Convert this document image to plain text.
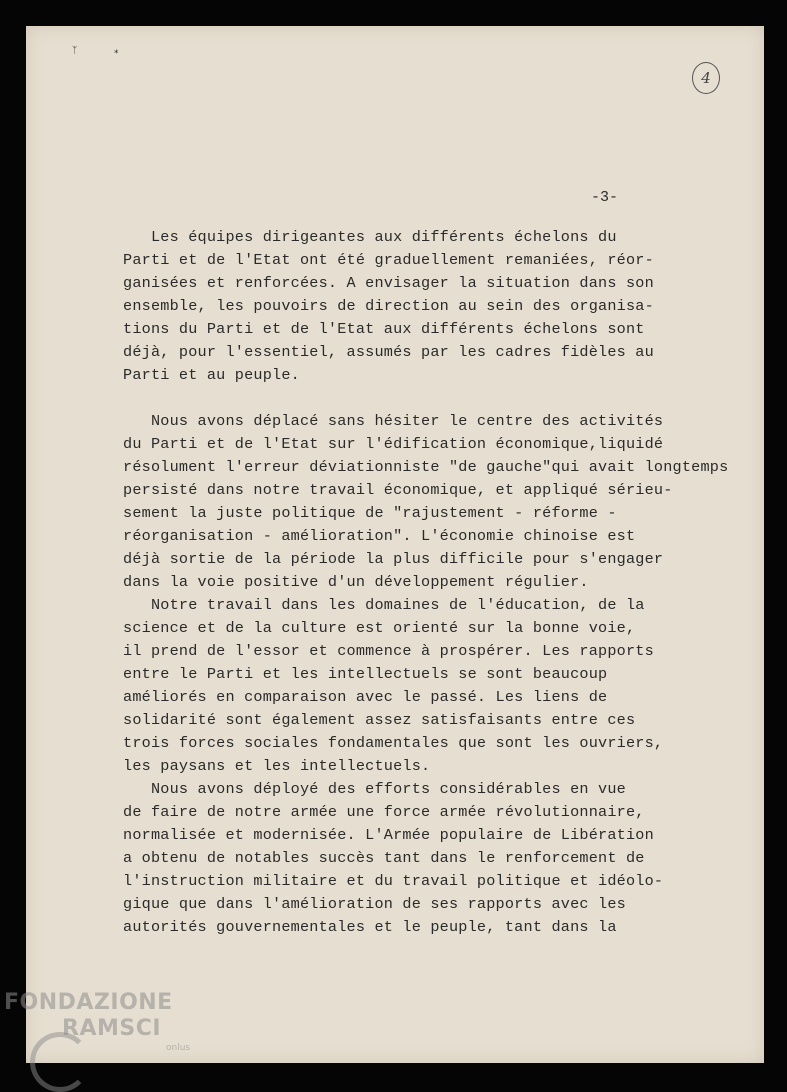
ᛉ	⁎
4
-3-
Les équipes dirigeantes aux différents échelons du
Parti et de l'Etat ont été graduellement remaniées, réor-
ganisées et renforcées. A envisager la situation dans son
ensemble, les pouvoirs de direction au sein des organisa-
tions du Parti et de l'Etat aux différents échelons sont
déjà, pour l'essentiel, assumés par les cadres fidèles au
Parti et au peuple.
Nous avons déplacé sans hésiter le centre des activités
du Parti et de l'Etat sur l'édification économique,liquidé
résolument l'erreur déviationniste "de gauche"qui avait longtemps
persisté dans notre travail économique, et appliqué sérieu-
sement la juste politique de "rajustement - réforme -
réorganisation - amélioration". L'économie chinoise est
déjà sortie de la période la plus difficile pour s'engager
dans la voie positive d'un développement régulier.
Notre travail dans les domaines de l'éducation, de la
science et de la culture est orienté sur la bonne voie,
il prend de l'essor et commence à prospérer. Les rapports
entre le Parti et les intellectuels se sont beaucoup
améliorés en comparaison avec le passé. Les liens de
solidarité sont également assez satisfaisants entre ces
trois forces sociales fondamentales que sont les ouvriers,
les paysans et les intellectuels.
Nous avons déployé des efforts considérables en vue
de faire de notre armée une force armée révolutionnaire,
normalisée et modernisée. L'Armée populaire de Libération
a obtenu de notables succès tant dans le renforcement de
l'instruction militaire et du travail politique et idéolo-
gique que dans l'amélioration de ses rapports avec les
autorités gouvernementales et le peuple, tant dans la
FONDAZIONE
RAMSCI
onlus
